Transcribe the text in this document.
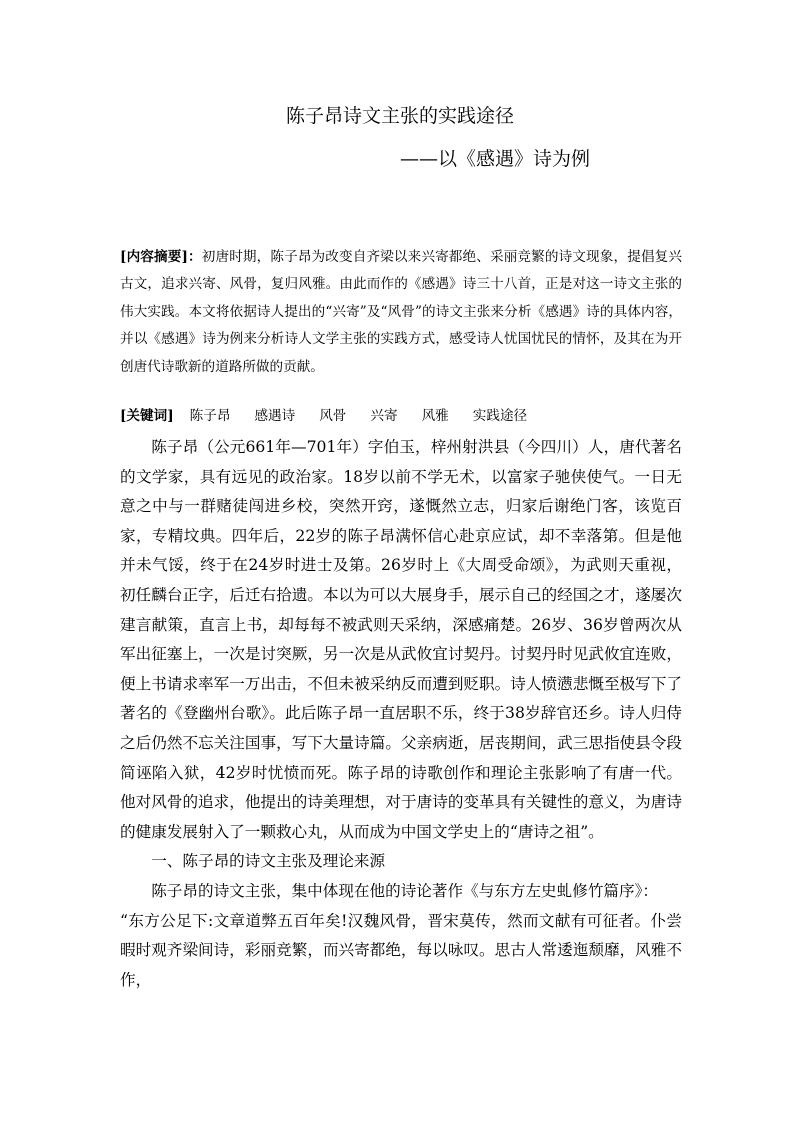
陈子昂诗文主张的实践途径
——以《感遇》诗为例
[内容摘要]：初唐时期，陈子昂为改变自齐梁以来兴寄都绝、采丽竞繁的诗文现象，提倡复兴古文，追求兴寄、风骨，复归风雅。由此而作的《感遇》诗三十八首，正是对这一诗文主张的伟大实践。本文将依据诗人提出的“兴寄”及“风骨”的诗文主张来分析《感遇》诗的具体内容，并以《感遇》诗为例来分析诗人文学主张的实践方式，感受诗人忧国忧民的情怀，及其在为开创唐代诗歌新的道路所做的贡献。
[关键词] 陈子昂 感遇诗 风骨 兴寄 风雅 实践途径

陈子昂（公元661年—701年）字伯玉，梓州射洪县（今四川）人，唐代著名的文学家，具有远见的政治家。18岁以前不学无术，以富家子驰侠使气。一日无意之中与一群赌徒闯进乡校，突然开窍，遂慨然立志，归家后谢绝门客，该览百家，专精坟典。四年后，22岁的陈子昂满怀信心赴京应试，却不幸落第。但是他并未气馁，终于在24岁时进士及第。26岁时上《大周受命颂》，为武则天重视，初任麟台正字，后迁右拾遗。本以为可以大展身手，展示自己的经国之才，遂屡次建言献策，直言上书，却每每不被武则天采纳，深感痛楚。26岁、36岁曾两次从军出征塞上，一次是讨突厥，另一次是从武攸宜讨契丹。讨契丹时见武攸宜连败，便上书请求率军一万出击，不但未被采纳反而遭到贬职。诗人愤懑悲慨至极写下了著名的《登幽州台歌》。此后陈子昂一直居职不乐，终于38岁辞官还乡。诗人归侍之后仍然不忘关注国事，写下大量诗篇。父亲病逝，居丧期间，武三思指使县令段简诬陷入狱，42岁时忧愤而死。陈子昂的诗歌创作和理论主张影响了有唐一代。他对风骨的追求，他提出的诗美理想，对于唐诗的变革具有关键性的意义，为唐诗的健康发展射入了一颗救心丸，从而成为中国文学史上的“唐诗之祖”。

一、陈子昂的诗文主张及理论来源

陈子昂的诗文主张，集中体现在他的诗论著作《与东方左史虬修竹篇序》：

“东方公足下:文章道弊五百年矣!汉魏风骨，晋宋莫传，然而文献有可征者。仆尝暇时观齐梁间诗，彩丽竞繁，而兴寄都绝，每以咏叹。思古人常逶迤颓靡，风雅不作，
